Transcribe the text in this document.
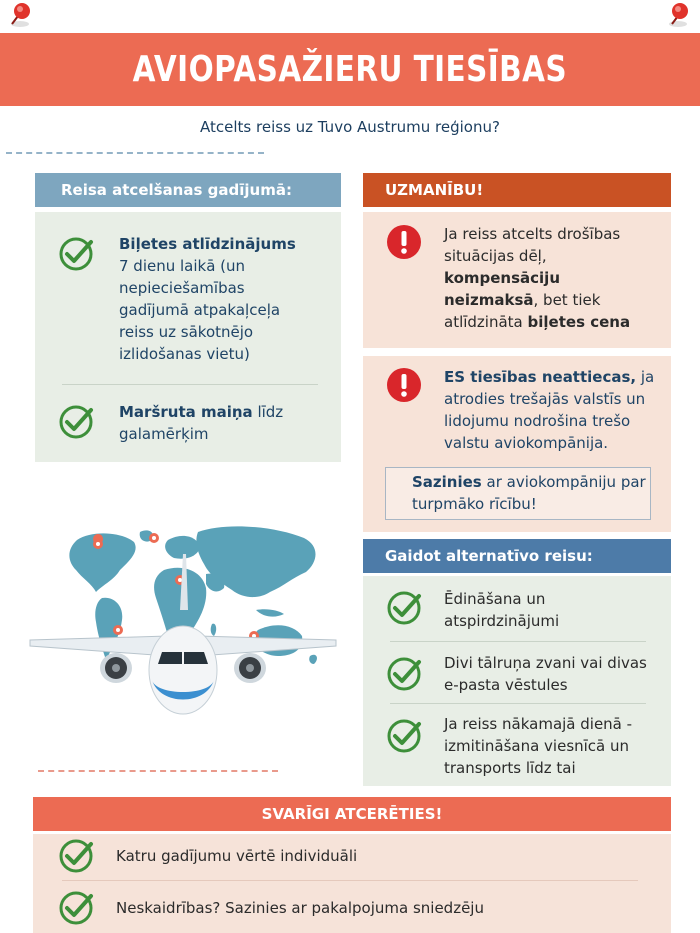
AVIOPASAŽIERU TIESĪBAS
Atcelts reiss uz Tuvo Austrumu reģionu?
Reisa atcelšanas gadījumā:
Biļetes atlīdzinājums
7 dienu laikā (un nepieciešamības gadījumā atpakaļceļa reiss uz sākotnējo izlidošanas vietu)
Maršruta maiņa līdz galamērķim
UZMANĪBU!
Ja reiss atcelts drošības situācijas dēļ, kompensāciju neizmaksā, bet tiek atlīdzināta biļetes cena
ES tiesības neattiecas, ja atrodies trešajās valstīs un lidojumu nodrošina trešo valstu aviokompānija.
Sazinies ar aviokompāniju par turpmāko rīcību!
Gaidot alternatīvo reisu:
Ēdināšana un atspirdzinājumi
Divi tālruņa zvani vai divas e-pasta vēstules
Ja reiss nākamajā dienā - izmitināšana viesnīcā un transports līdz tai
SVARĪGI ATCERĒTIES!
Katru gadījumu vērtē individuāli
Neskaidrības? Sazinies ar pakalpojuma sniedzēju
